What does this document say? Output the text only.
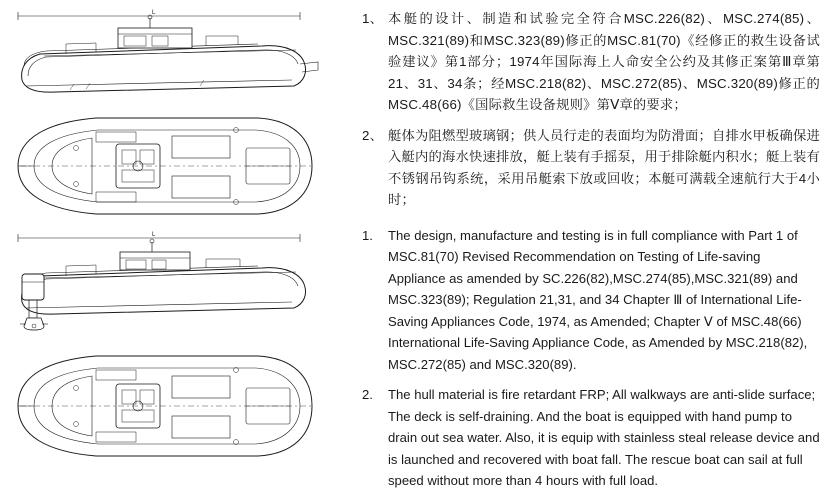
L
L
1、 本艇的设计、制造和试验完全符合MSC.226(82)、MSC.274(85)、MSC.321(89)和MSC.323(89)修正的MSC.81(70)《经修正的救生设备试验建议》第1部分；1974年国际海上人命安全公约及其修正案第Ⅲ章第21、31、34条；经MSC.218(82)、MSC.272(85)、MSC.320(89)修正的MSC.48(66)《国际救生设备规则》第Ⅴ章的要求；
2、 艇体为阻燃型玻璃钢；供人员行走的表面均为防滑面；自排水甲板确保进入艇内的海水快速排放，艇上装有手摇泵，用于排除艇内积水；艇上装有不锈钢吊钩系统，采用吊艇索下放或回收；本艇可满载全速航行大于4小时；
1.	The design, manufacture and testing is in full compliance with Part 1 of MSC.81(70) Revised Recommendation on Testing of Life-saving Appliance as amended by SC.226(82),MSC.274(85),MSC.321(89) and MSC.323(89); Regulation 21,31, and 34 Chapter Ⅲ of International Life-Saving Appliances Code, 1974, as Amended; Chapter Ⅴ of MSC.48(66) International Life-Saving Appliance Code, as Amended by MSC.218(82), MSC.272(85) and MSC.320(89).
2.	The hull material is fire retardant FRP; All walkways are anti-slide surface; The deck is self-draining. And the boat is equipped with hand pump to drain out sea water. Also, it is equip with stainless steal release device and is launched and recovered with boat fall. The rescue boat can sail at full speed without more than 4 hours with full load.
